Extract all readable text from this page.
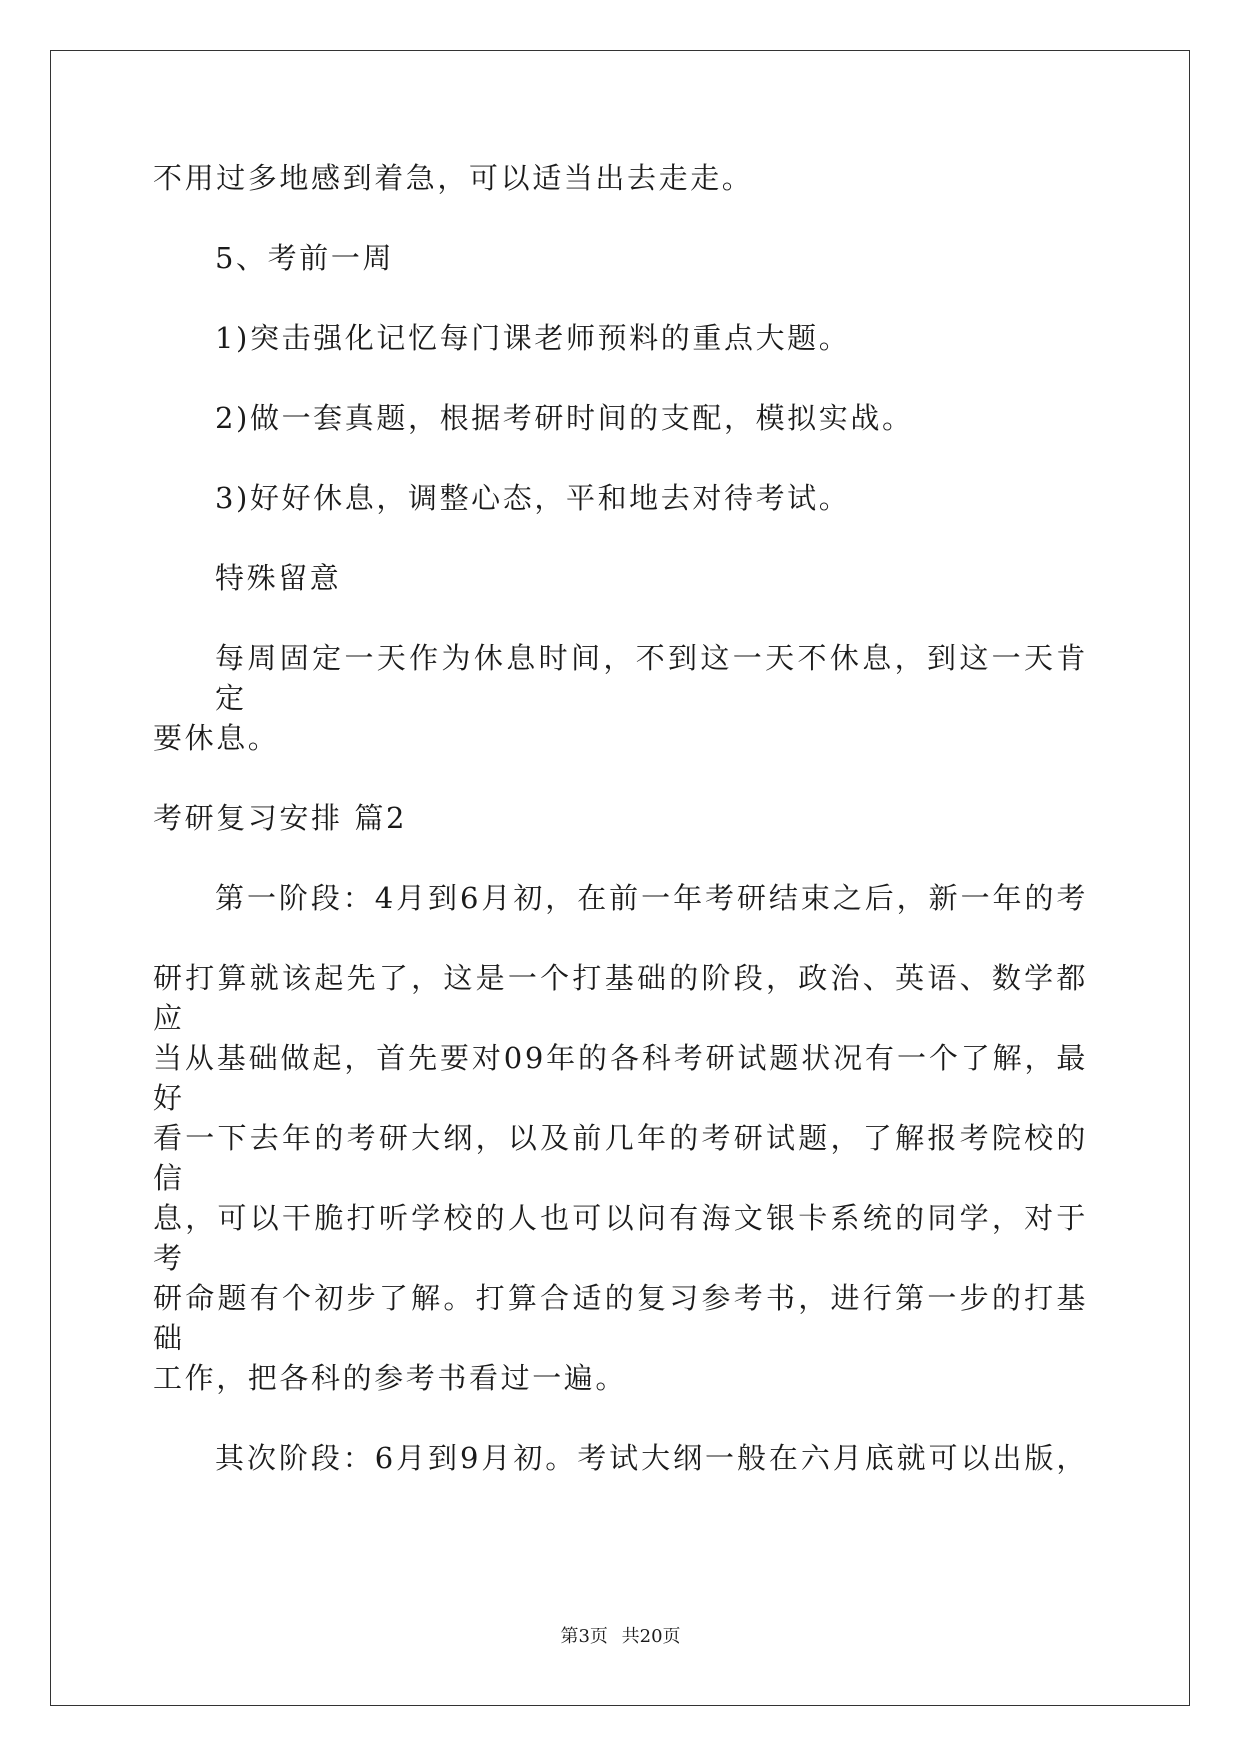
不用过多地感到着急，可以适当出去走走。
5、考前一周
1)突击强化记忆每门课老师预料的重点大题。
2)做一套真题，根据考研时间的支配，模拟实战。
3)好好休息，调整心态，平和地去对待考试。
特殊留意
每周固定一天作为休息时间，不到这一天不休息，到这一天肯定
要休息。
考研复习安排 篇2
第一阶段：4月到6月初，在前一年考研结束之后，新一年的考
研打算就该起先了，这是一个打基础的阶段，政治、英语、数学都应
当从基础做起，首先要对09年的各科考研试题状况有一个了解，最好
看一下去年的考研大纲，以及前几年的考研试题，了解报考院校的信
息，可以干脆打听学校的人也可以问有海文银卡系统的同学，对于考
研命题有个初步了解。打算合适的复习参考书，进行第一步的打基础
工作，把各科的参考书看过一遍。
其次阶段：6月到9月初。考试大纲一般在六月底就可以出版，
第3页 共20页
